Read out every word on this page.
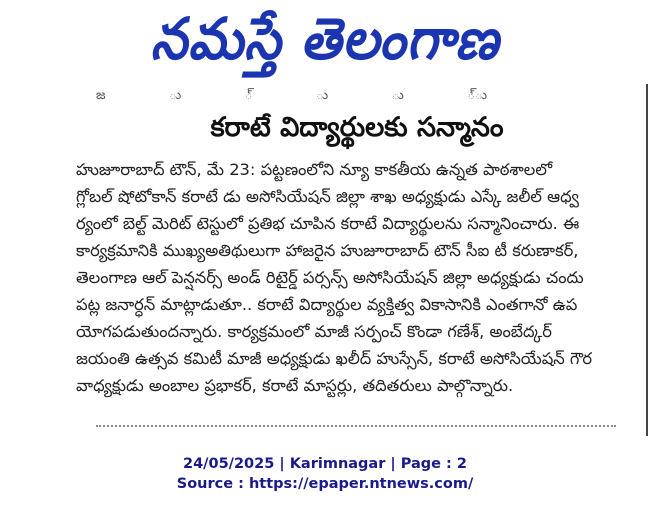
నమస్తే తెలంగాణ
జ ు ్ ు ు ్ు
కరాటే విద్యార్థులకు సన్మానం
హుజూరాబాద్ టౌన్, మే 23: పట్టణంలోని న్యూ కాకతీయ ఉన్నత పాఠశాలలో
గ్లోబల్ షోటోకాన్ కరాటే డు అసోసియేషన్ జిల్లా శాఖ అధ్యక్షుడు ఎస్కే జలీల్ ఆధ్వ
ర్యంలో బెల్ట్ మెరిట్ టెస్టులో ప్రతిభ చూపిన కరాటే విద్యార్థులను సన్మానించారు. ఈ
కార్యక్రమానికి ముఖ్యఅతిథులుగా హాజరైన హుజూరాబాద్ టౌన్ సీఐ టీ కరుణాకర్,
తెలంగాణ ఆల్ పెన్షనర్స్ అండ్ రిటైర్డ్ పర్సన్స్ అసోసియేషన్ జిల్లా అధ్యక్షుడు చందు
పట్ల జనార్ధన్ మాట్లాడుతూ.. కరాటే విద్యార్థుల వ్యక్తిత్వ వికాసానికి ఎంతగానో ఉప
యోగపడుతుందన్నారు. కార్యక్రమంలో మాజీ సర్పంచ్ కొండా గణేశ్, అంబేద్కర్
జయంతి ఉత్సవ కమిటీ మాజీ అధ్యక్షుడు ఖలీద్ హుస్సేన్, కరాటే అసోసియేషన్ గౌర
వాధ్యక్షుడు అంబాల ప్రభాకర్, కరాటే మాస్టర్లు, తదితరులు పాల్గొన్నారు.
24/05/2025 | Karimnagar | Page : 2
Source : https://epaper.ntnews.com/
